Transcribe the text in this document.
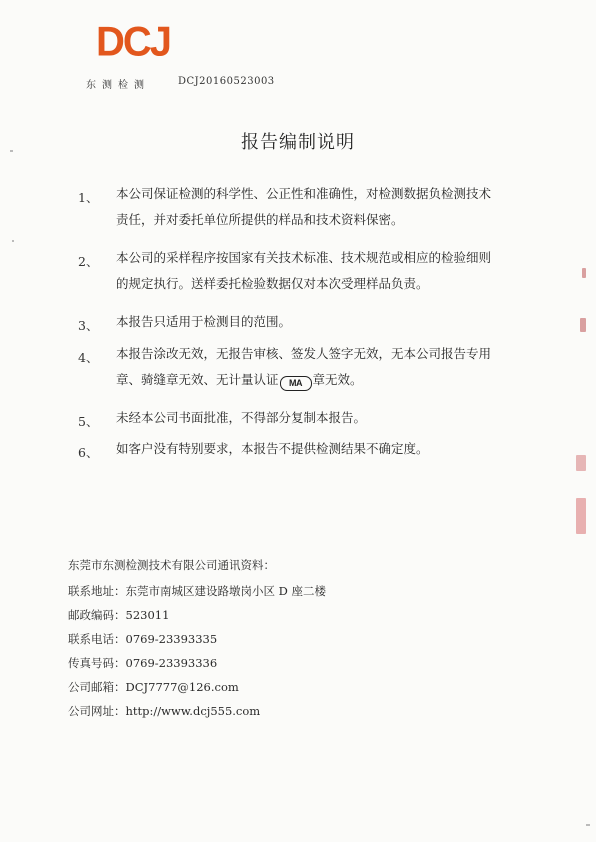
DCJ
东测检测	DCJ20160523003
报告编制说明
1、 本公司保证检测的科学性、公正性和准确性，对检测数据负检测技术
责任，并对委托单位所提供的样品和技术资料保密。
2、 本公司的采样程序按国家有关技术标准、技术规范或相应的检验细则
的规定执行。送样委托检验数据仅对本次受理样品负责。
3、 本报告只适用于检测目的范围。
4、 本报告涂改无效，无报告审核、签发人签字无效，无本公司报告专用
章、骑缝章无效、无计量认证 MA 章无效。
5、 未经本公司书面批准，不得部分复制本报告。
6、 如客户没有特别要求，本报告不提供检测结果不确定度。
东莞市东测检测技术有限公司通讯资料：
联系地址：东莞市南城区建设路墩岗小区 D 座二楼
邮政编码：523011
联系电话：0769-23393335
传真号码：0769-23393336
公司邮箱：DCJ7777@126.com
公司网址：http://www.dcj555.com
